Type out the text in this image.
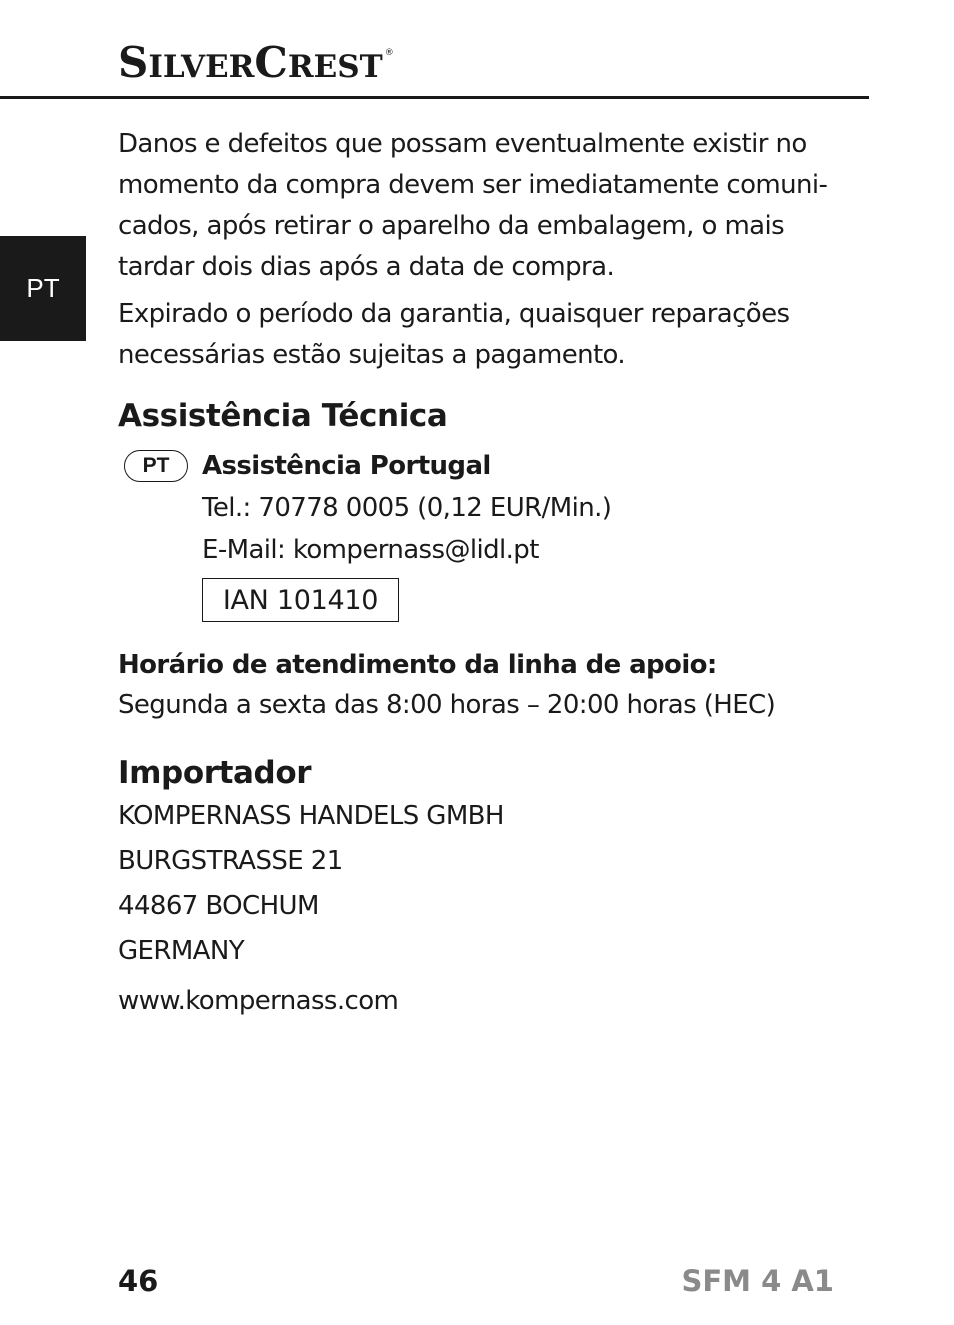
SILVERCREST ®
PT
Danos e defeitos que possam eventualmente existir no
momento da compra devem ser imediatamente comuni-
cados, após retirar o aparelho da embalagem, o mais
tardar dois dias após a data de compra.
Expirado o período da garantia, quaisquer reparações
necessárias estão sujeitas a pagamento.
Assistência Técnica
PT Assistência Portugal
Tel.: 70778 0005 (0,12 EUR/Min.)
E-Mail: kompernass@lidl.pt
IAN 101410
Horário de atendimento da linha de apoio:
Segunda a sexta das 8:00 horas – 20:00 horas (HEC)
Importador
KOMPERNASS HANDELS GMBH
BURGSTRASSE 21
44867 BOCHUM
GERMANY
www.kompernass.com
46	SFM 4 A1
